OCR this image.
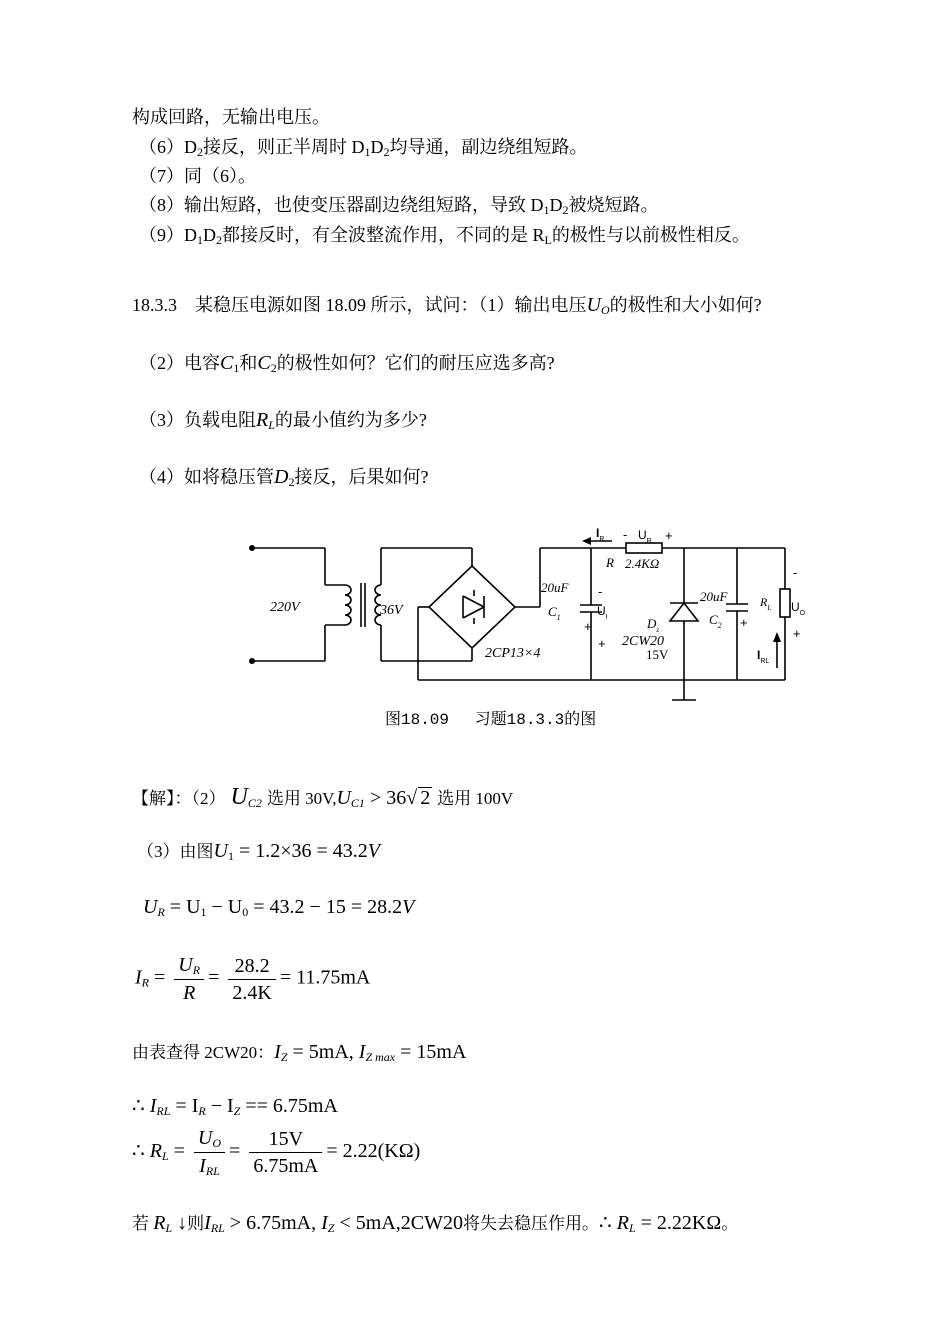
构成回路，无输出电压。
$(6)D_2$接反，则正半周时 $D_1D_2$均导通，副边绕组短路。
（7）同（6）。
（8）输出短路，也使变压器副边绕组短路，导致 $D_1D_2$被烧短路。
$(9)D_1D_2$都接反时，有全波整流作用，不同的是 $R_L$的极性与以前极性相反。
18.3.3　某稳压电源如图 18.09 所示，试问：（1）输出电压$U_O$的极性和大小如何?
（2）电容$C_1$和$C_2$的极性如何？它们的耐压应选多高?
（3）负载电阻$R_L$的最小值约为多少?
（4）如将稳压管$D_2$接反，后果如何?
220V	36V
2CP13×4
20uF
$C_1$	$U_I$
-
+
+
$I_R - U_R$ +
R 2.4KΩ
$D_z$
2CW20
15V
20uF
$C_2$ +
$R_L$ $U_O$
-
+
$I_{RL}$
图18.09　 习题18.3.3的图
【解】：（2） $U_{C2}$ 选用 $30V,U_{C1} > 36√$ 2 选用 100V
（3）由图$U_1 = 1.2\times 36 = 43.2V$
$U_R = U_1 - U_0 = 43.2 - 15 = 28.2V$
$I_R = \frac{U_R}{R} = \frac{28.2}{2.4K} = 11.75mA$
由表查得 2CW20：$I_Z = 5mA$, $I_{Z max} = 15mA$
∴ $I_{RL} = I_R - I_Z == 6.75mA$
∴ $R_L = \frac{U_O}{I_{RL}} = \frac{15V}{6.75mA} = 2.22(K\Omega)$
若 $R_L$ ↓则$I_{RL} > 6.75mA$, $I_Z < 5mA,2CW20$将失去稳压作用。∴ $R_L = 2.22K\Omega$。
